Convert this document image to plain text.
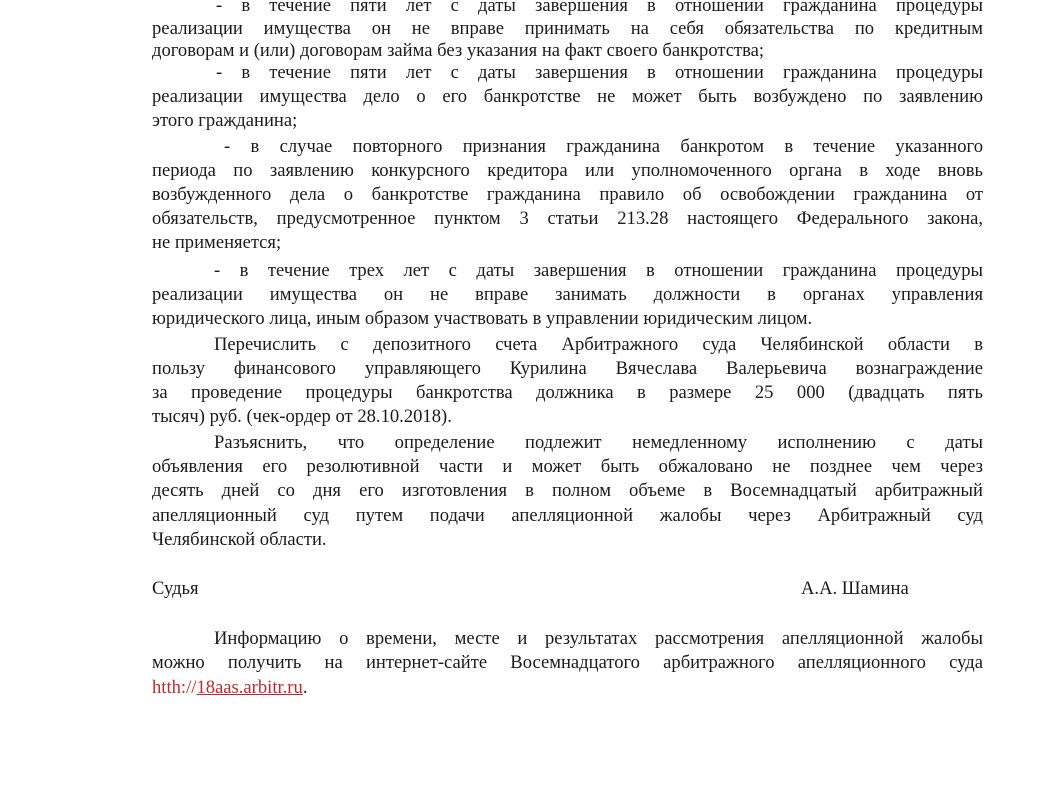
- в течение пяти лет с даты завершения в отношении гражданина процедуры
реализации имущества он не вправе принимать на себя обязательства по кредитным
договорам и (или) договорам займа без указания на факт своего банкротства;
- в течение пяти лет с даты завершения в отношении гражданина процедуры
реализации имущества дело о его банкротстве не может быть возбуждено по заявлению
этого гражданина;
- в случае повторного признания гражданина банкротом в течение указанного
периода по заявлению конкурсного кредитора или уполномоченного органа в ходе вновь
возбужденного дела о банкротстве гражданина правило об освобождении гражданина от
обязательств, предусмотренное пунктом 3 статьи 213.28 настоящего Федерального закона,
не применяется;
- в течение трех лет с даты завершения в отношении гражданина процедуры
реализации имущества он не вправе занимать должности в органах управления
юридического лица, иным образом участвовать в управлении юридическим лицом.
Перечислить с депозитного счета Арбитражного суда Челябинской области в
пользу финансового управляющего Курилина Вячеслава Валерьевича вознаграждение
за проведение процедуры банкротства должника в размере 25 000 (двадцать пять
тысяч) руб. (чек-ордер от 28.10.2018).
Разъяснить, что определение подлежит немедленному исполнению с даты
объявления его резолютивной части и может быть обжаловано не позднее чем через
десять дней со дня его изготовления в полном объеме в Восемнадцатый арбитражный
апелляционный суд путем подачи апелляционной жалобы через Арбитражный суд
Челябинской области.
Судья	А.А. Шамина
Информацию о времени, месте и результатах рассмотрения апелляционной жалобы
можно получить на интернет-сайте Восемнадцатого арбитражного апелляционного суда
htth://18aas.arbitr.ru.
